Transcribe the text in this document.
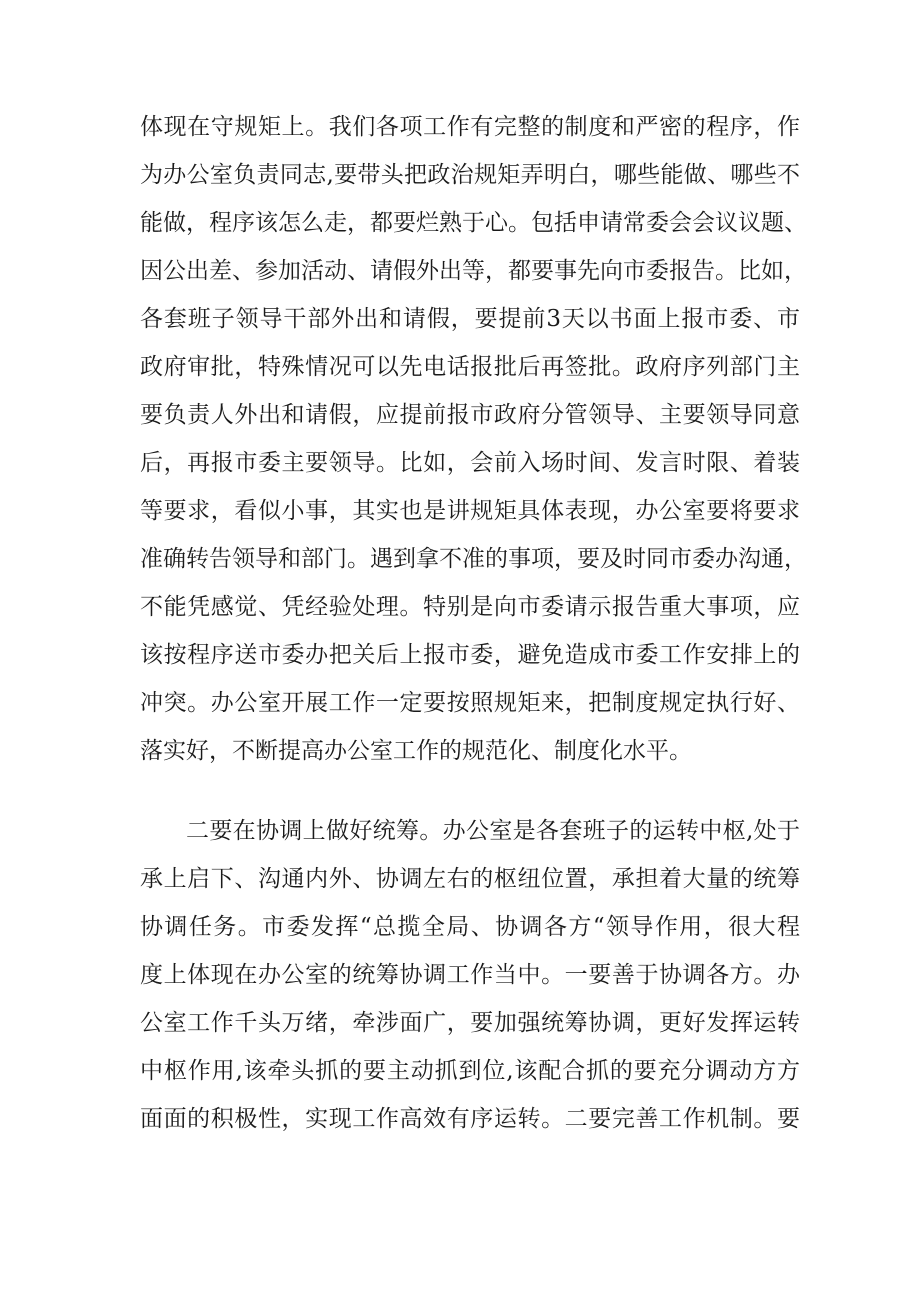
体现在守规矩上。我们各项工作有完整的制度和严密的程序，作
为办公室负责同志,要带头把政治规矩弄明白，哪些能做、哪些不
能做，程序该怎么走，都要烂熟于心。包括申请常委会会议议题、
因公出差、参加活动、请假外出等，都要事先向市委报告。比如，
各套班子领导干部外出和请假，要提前3天以书面上报市委、市
政府审批，特殊情况可以先电话报批后再签批。政府序列部门主
要负责人外出和请假，应提前报市政府分管领导、主要领导同意
后，再报市委主要领导。比如，会前入场时间、发言时限、着装
等要求，看似小事，其实也是讲规矩具体表现，办公室要将要求
准确转告领导和部门。遇到拿不准的事项，要及时同市委办沟通，
不能凭感觉、凭经验处理。特别是向市委请示报告重大事项，应
该按程序送市委办把关后上报市委，避免造成市委工作安排上的
冲突。办公室开展工作一定要按照规矩来，把制度规定执行好、
落实好，不断提高办公室工作的规范化、制度化水平。
二要在协调上做好统筹。办公室是各套班子的运转中枢,处于
承上启下、沟通内外、协调左右的枢纽位置，承担着大量的统筹
协调任务。市委发挥“总揽全局、协调各方“领导作用，很大程
度上体现在办公室的统筹协调工作当中。一要善于协调各方。办
公室工作千头万绪，牵涉面广，要加强统筹协调，更好发挥运转
中枢作用,该牵头抓的要主动抓到位,该配合抓的要充分调动方方
面面的积极性，实现工作高效有序运转。二要完善工作机制。要
